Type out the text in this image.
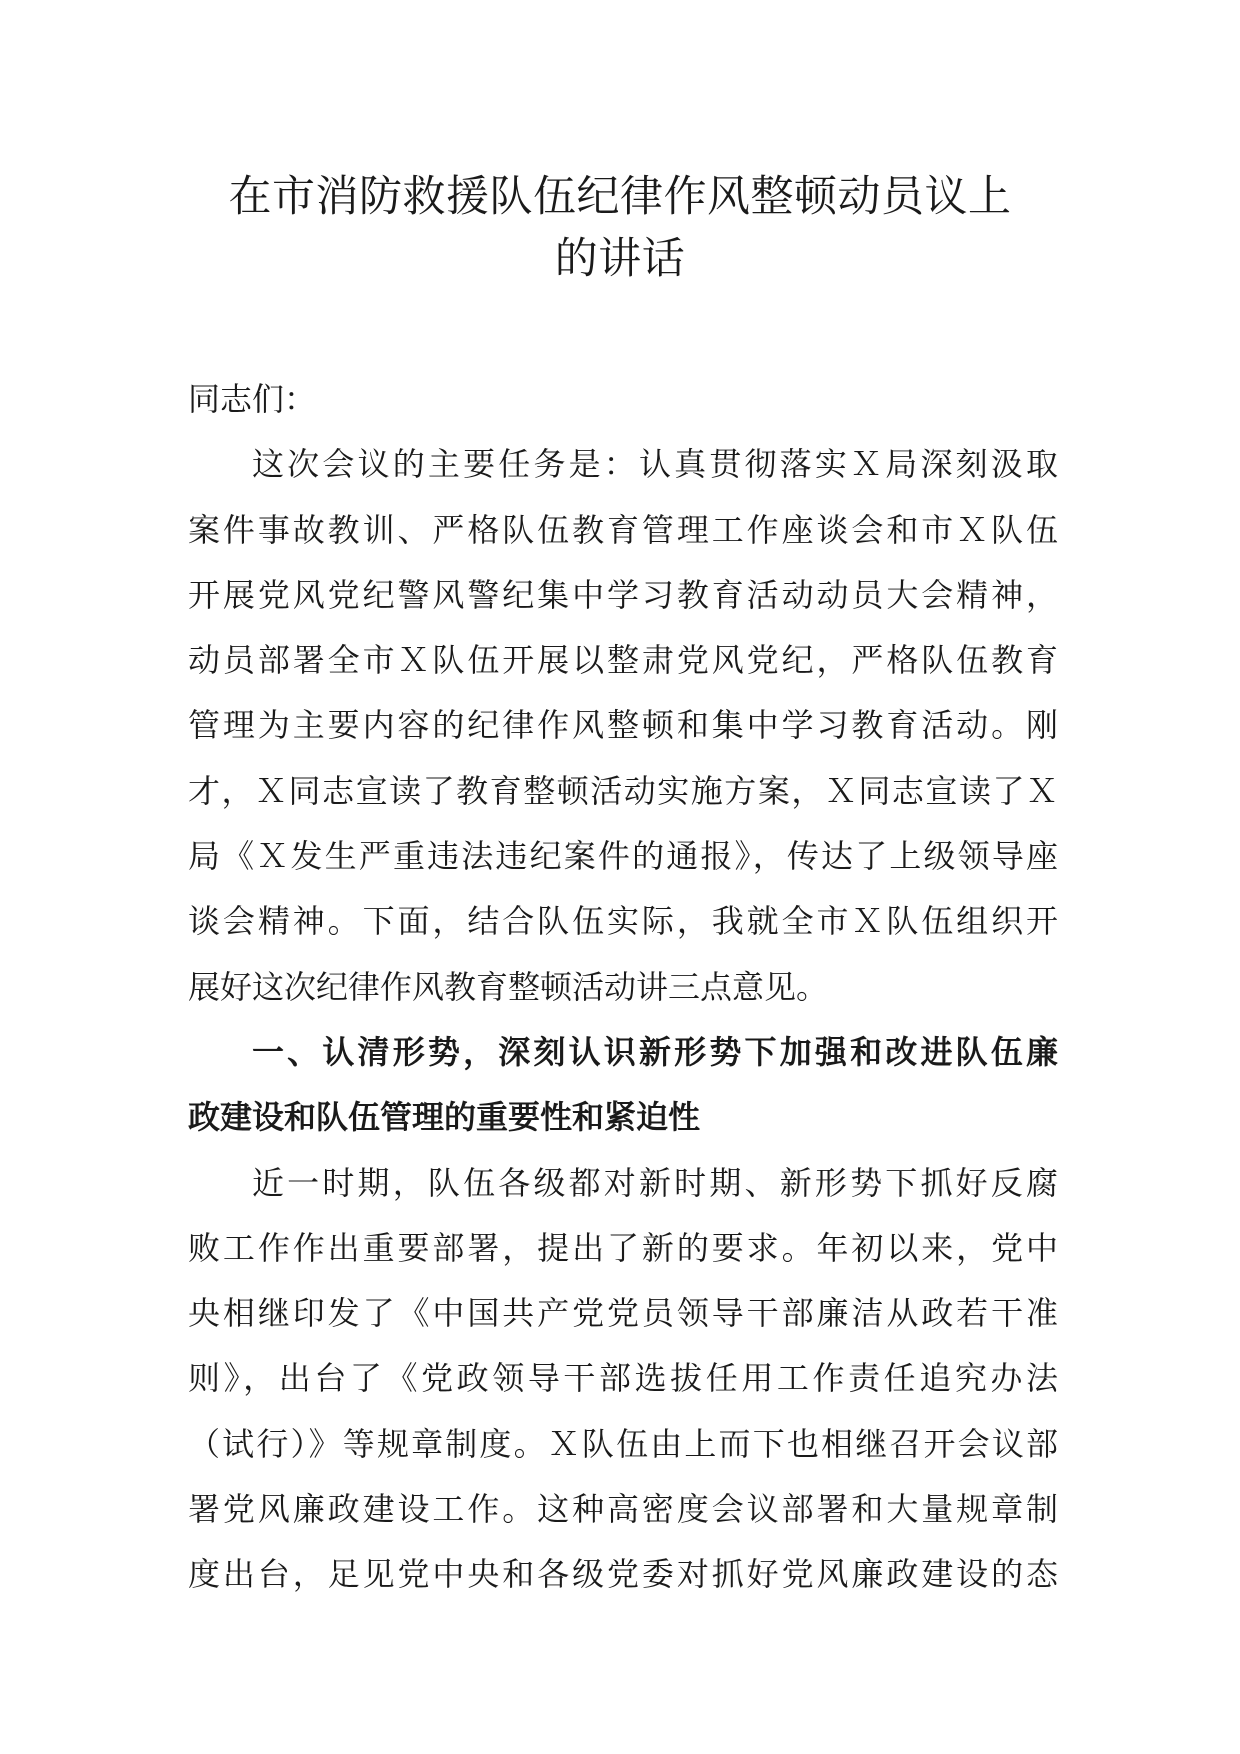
在市消防救援队伍纪律作风整顿动员议上
的讲话
同志们：
这次会议的主要任务是：认真贯彻落实Ｘ局深刻汲取
案件事故教训、严格队伍教育管理工作座谈会和市Ｘ队伍
开展党风党纪警风警纪集中学习教育活动动员大会精神，
动员部署全市Ｘ队伍开展以整肃党风党纪，严格队伍教育
管理为主要内容的纪律作风整顿和集中学习教育活动。刚
才，Ｘ同志宣读了教育整顿活动实施方案，Ｘ同志宣读了Ｘ
局《Ｘ发生严重违法违纪案件的通报》，传达了上级领导座
谈会精神。下面，结合队伍实际，我就全市Ｘ队伍组织开
展好这次纪律作风教育整顿活动讲三点意见。
一、认清形势，深刻认识新形势下加强和改进队伍廉
政建设和队伍管理的重要性和紧迫性
近一时期，队伍各级都对新时期、新形势下抓好反腐
败工作作出重要部署，提出了新的要求。年初以来，党中
央相继印发了《中国共产党党员领导干部廉洁从政若干准
则》，出台了《党政领导干部选拔任用工作责任追究办法
（试行）》等规章制度。Ｘ队伍由上而下也相继召开会议部
署党风廉政建设工作。这种高密度会议部署和大量规章制
度出台，足见党中央和各级党委对抓好党风廉政建设的态
